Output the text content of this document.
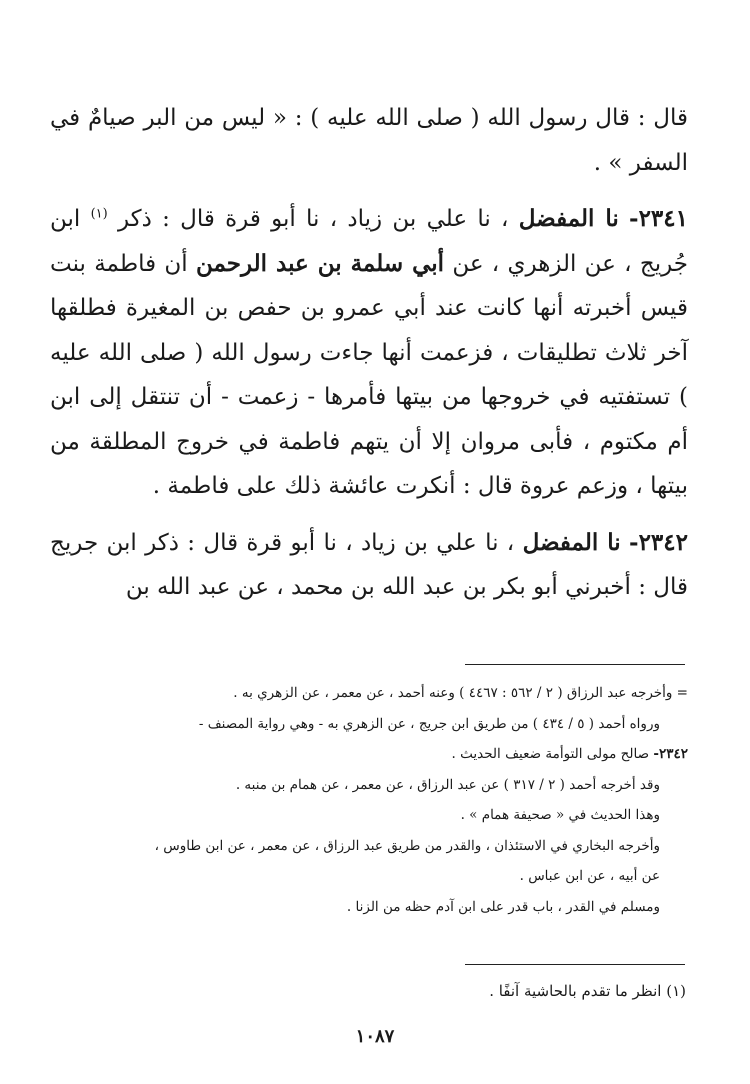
قال : قال رسول الله ( صلى الله عليه ) : « ليس من البر صيامٌ في السفر » .

٢٣٤١- نا المفضل ، نا علي بن زياد ، نا أبو قرة قال : ذكر $^{(١)}$ ابن جُريج ، عن الزهري ، عن أبي سلمة بن عبد الرحمن أن فاطمة بنت قيس أخبرته أنها كانت عند أبي عمرو بن حفص بن المغيرة فطلقها آخر ثلاث تطليقات ، فزعمت أنها جاءت رسول الله ( صلى الله عليه ) تستفتيه في خروجها من بيتها فأمرها - زعمت - أن تنتقل إلى ابن أم مكتوم ، فأبى مروان إلا أن يتهم فاطمة في خروج المطلقة من بيتها ، وزعم عروة قال : أنكرت عائشة ذلك على فاطمة .

٢٣٤٢- نا المفضل ، نا علي بن زياد ، نا أبو قرة قال : ذكر ابن جريج قال : أخبرني أبو بكر بن عبد الله بن محمد ، عن عبد الله بن

= وأخرجه عبد الرزاق ( ٢ / ٥٦٢ : ٤٤٦٧ ) وعنه أحمد ، عن معمر ، عن الزهري به .

ورواه أحمد ( ٥ / ٤٣٤ ) من طريق ابن جريج ، عن الزهري به - وهي رواية المصنف -

٢٣٤٢- صالح مولى التوأمة ضعيف الحديث .

وقد أخرجه أحمد ( ٢ / ٣١٧ ) عن عبد الرزاق ، عن معمر ، عن همام بن منبه .

وهذا الحديث في « صحيفة همام » .

وأخرجه البخاري في الاستئذان ، والقدر من طريق عبد الرزاق ، عن معمر ، عن ابن طاوس ،

عن أبيه ، عن ابن عباس .

ومسلم في القدر ، باب قدر على ابن آدم حظه من الزنا .

(١) انظر ما تقدم بالحاشية آنفًا .
١٠٨٧
